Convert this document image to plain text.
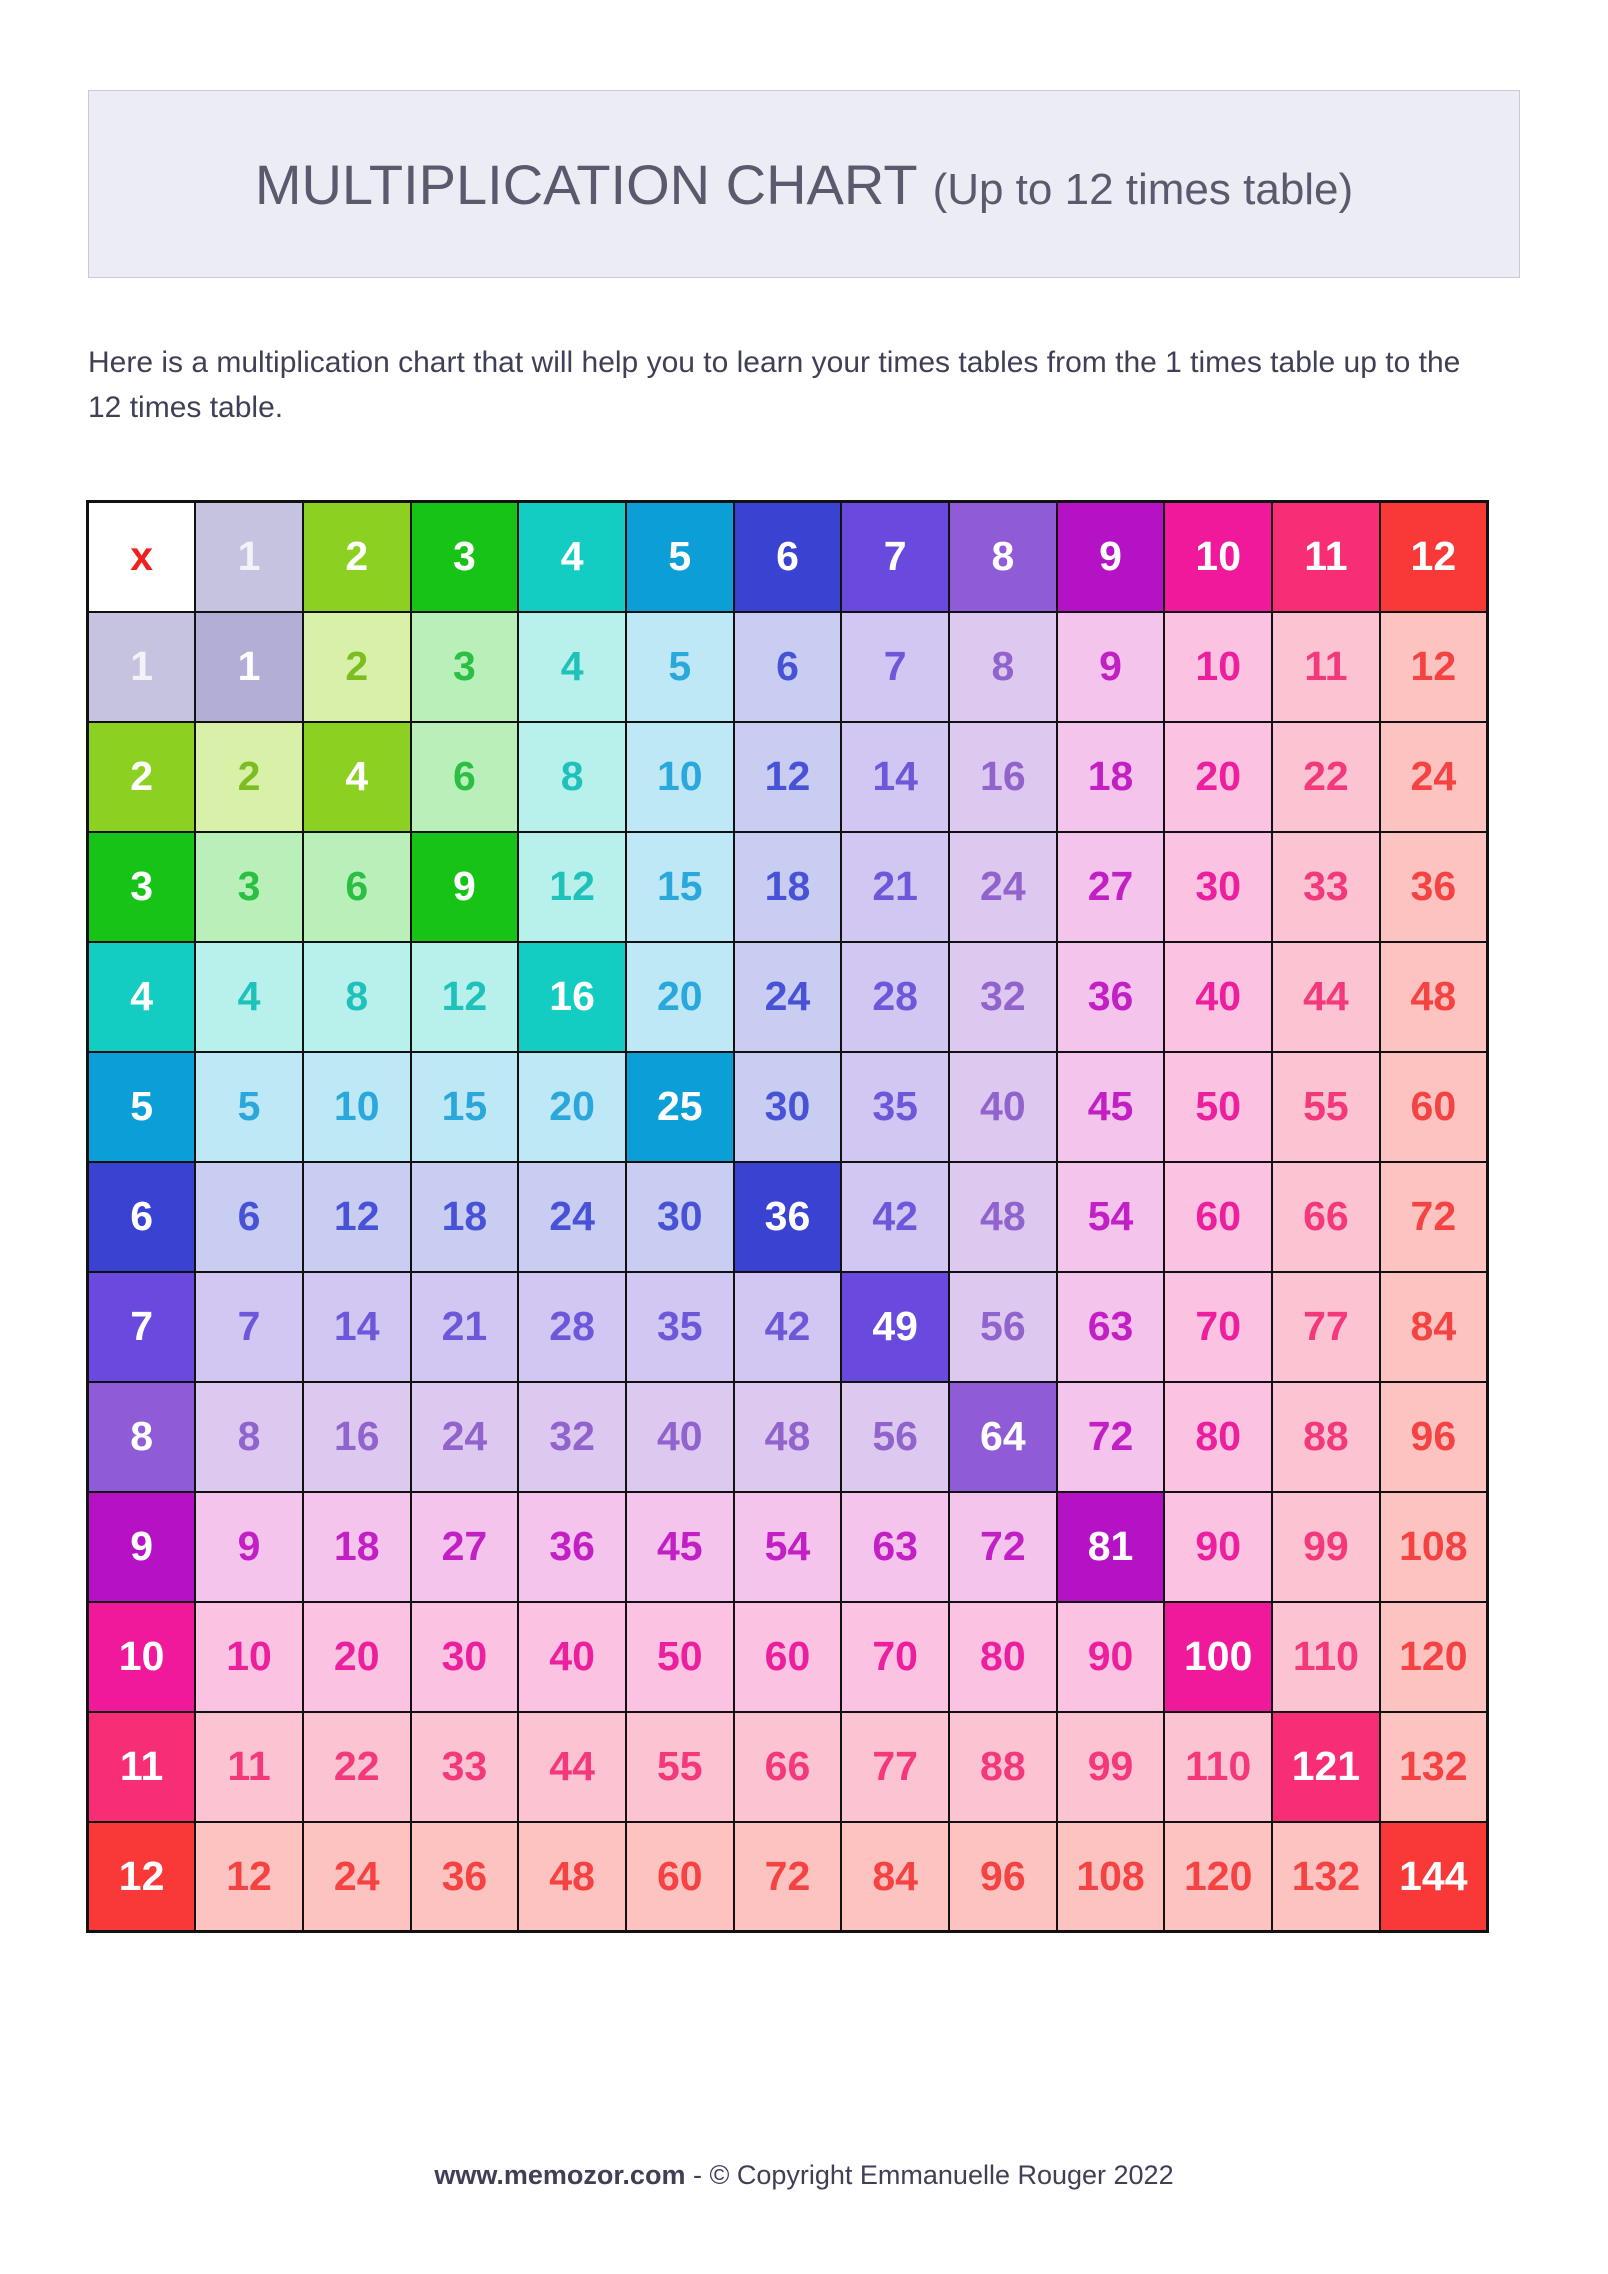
MULTIPLICATION CHART (Up to 12 times table)
Here is a multiplication chart that will help you to learn your times tables from the 1 times table up to the 12 times table.
x	1	2	3	4	5	6	7	8	9	10	11	12
1	1	2	3	4	5	6	7	8	9	10	11	12
2	2	4	6	8	10	12	14	16	18	20	22	24
3	3	6	9	12	15	18	21	24	27	30	33	36
4	4	8	12	16	20	24	28	32	36	40	44	48
5	5	10	15	20	25	30	35	40	45	50	55	60
6	6	12	18	24	30	36	42	48	54	60	66	72
7	7	14	21	28	35	42	49	56	63	70	77	84
8	8	16	24	32	40	48	56	64	72	80	88	96
9	9	18	27	36	45	54	63	72	81	90	99	108
10	10	20	30	40	50	60	70	80	90	100	110	120
11	11	22	33	44	55	66	77	88	99	110	121	132
12	12	24	36	48	60	72	84	96	108	120	132	144
www.memozor.com - © Copyright Emmanuelle Rouger 2022
